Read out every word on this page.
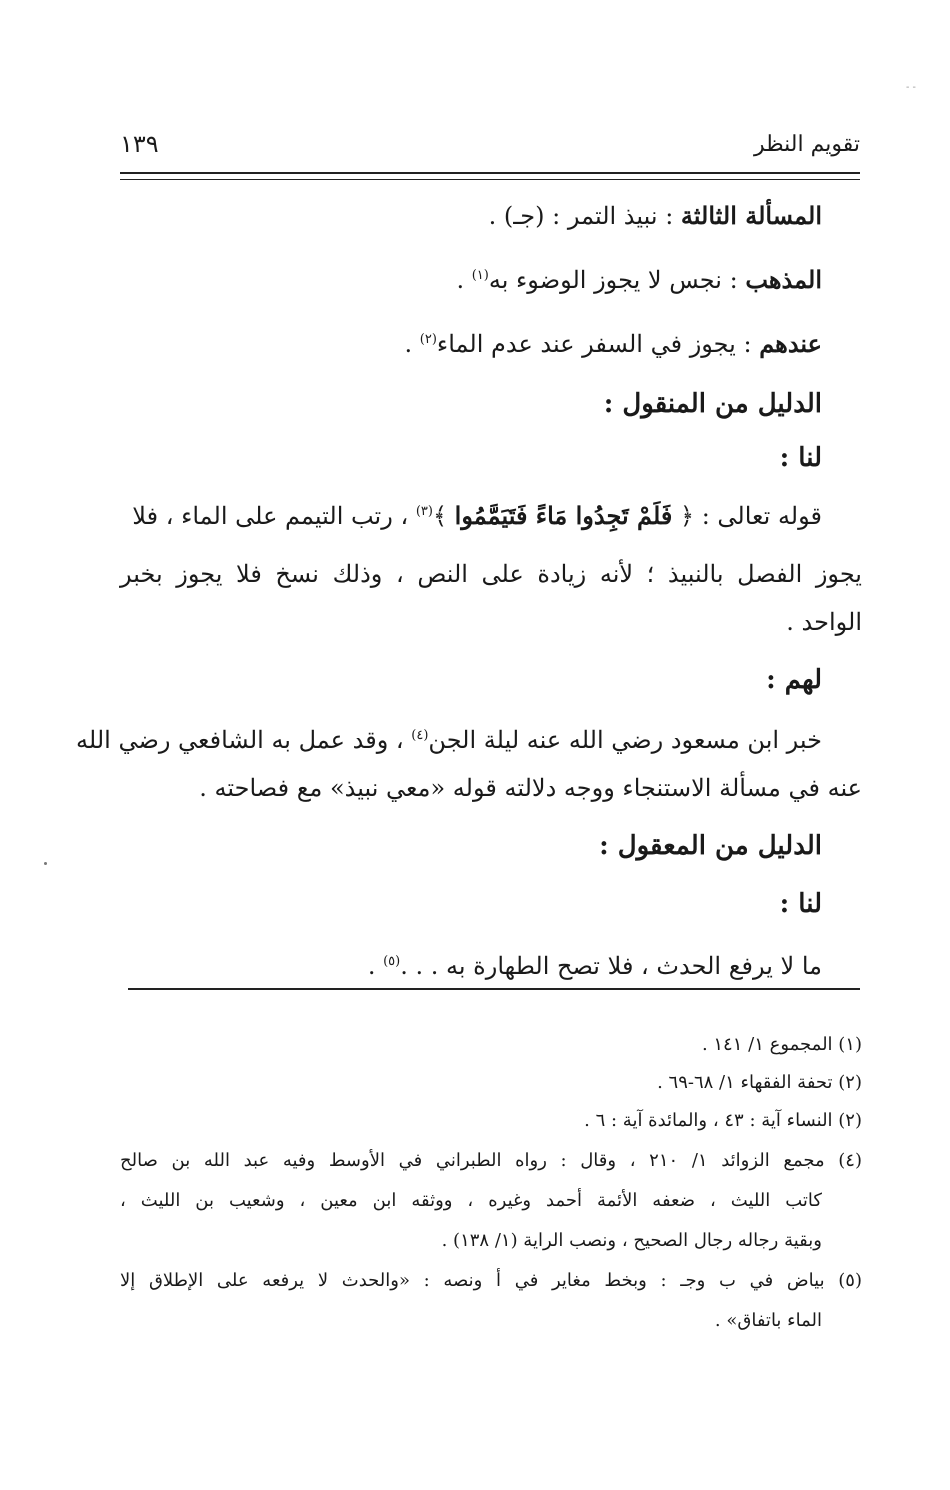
- -
تقويم النظر
١٣٩
المسألة الثالثة : نبيذ التمر : (جـ) .
المذهب : نجس لا يجوز الوضوء به$^{(١)}$ .
عندهم : يجوز في السفر عند عدم الماء$^{(٢)}$ .
الدليل من المنقول :
لنا :
قوله تعالى : ﴿ فَلَمْ تَجِدُوا مَاءً فَتَيَمَّمُوا ﴾$^{(٣)}$ ، رتب التيمم على الماء ، فلا
يجوز الفصل بالنبيذ ؛ لأنه زيادة على النص ، وذلك نسخ فلا يجوز بخبر
الواحد .
لهم :
خبر ابن مسعود رضي الله عنه ليلة الجن$^{(٤)}$ ، وقد عمل به الشافعي رضي الله
عنه في مسألة الاستنجاء ووجه دلالته قوله «معي نبيذ» مع فصاحته .
الدليل من المعقول :
لنا :
ما لا يرفع الحدث ، فلا تصح الطهارة به . . .$^{(٥)}$ .
(١) المجموع ١/ ١٤١ .
(٢) تحفة الفقهاء ١/ ٦٨-٦٩ .
(٢) النساء آية : ٤٣ ، والمائدة آية : ٦ .
(٤) مجمع الزوائد ١/ ٢١٠ ، وقال : رواه الطبراني في الأوسط وفيه عبد الله بن صالح
كاتب الليث ، ضعفه الأئمة أحمد وغيره ، ووثقه ابن معين ، وشعيب بن الليث ،
وبقية رجاله رجال الصحيح ، ونصب الراية (١/ ١٣٨) .
(٥) بياض في ب وجـ : وبخط مغاير في أ ونصه : «والحدث لا يرفعه على الإطلاق إلا
الماء باتفاق» .
